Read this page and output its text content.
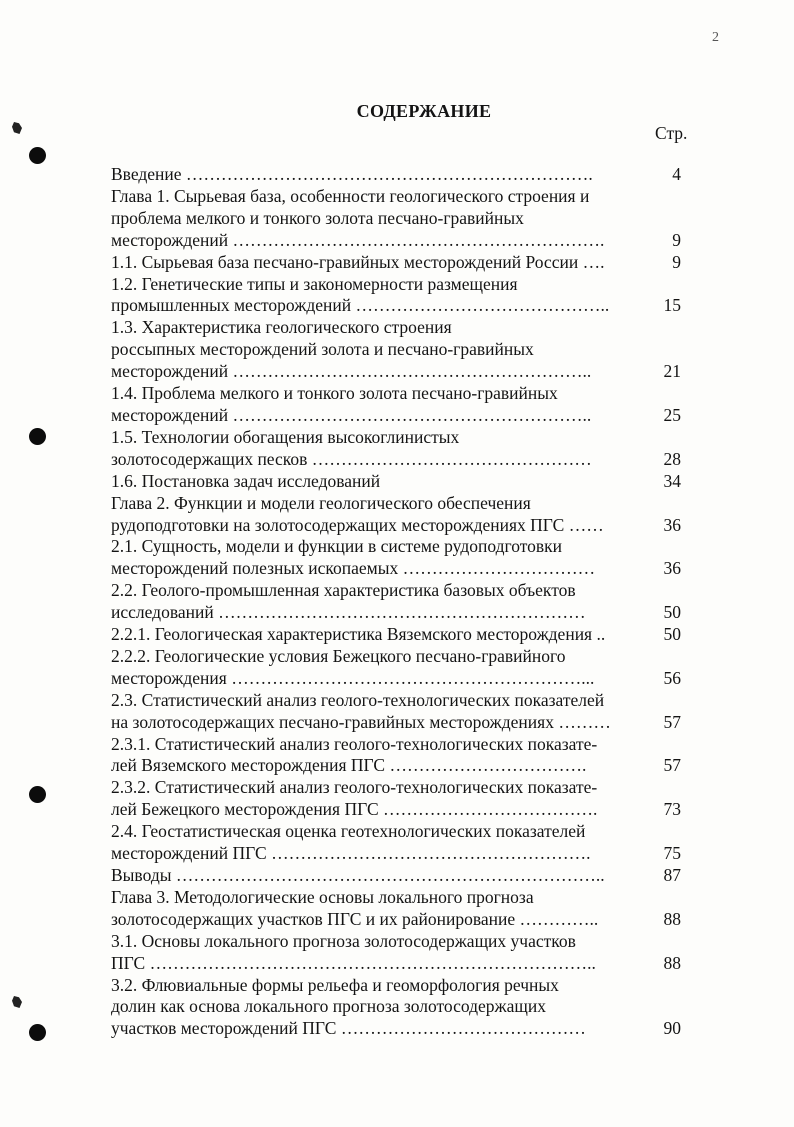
2
СОДЕРЖАНИЕ
Стр.
Введение …………………………………………………………….	4
Глава 1. Сырьевая база, особенности геологического строения и
проблема мелкого и тонкого золота песчано-гравийных
месторождений ……………………………………………………….	9
1.1. Сырьевая база песчано-гравийных месторождений России ….	9
1.2. Генетические типы и закономерности размещения
промышленных месторождений ……………………………………..	15
1.3. Характеристика геологического строения
россыпных месторождений золота и песчано-гравийных
месторождений ……………………………………………………..	21
1.4. Проблема мелкого и тонкого золота песчано-гравийных
месторождений ……………………………………………………..	25
1.5. Технологии обогащения высокоглинистых
золотосодержащих песков …………………………………………	28
1.6. Постановка задач исследований	34
Глава 2. Функции и модели геологического обеспечения
рудоподготовки на золотосодержащих месторождениях ПГС ……	36
2.1. Сущность, модели и функции в системе рудоподготовки
месторождений полезных ископаемых ……………………………	36
2.2. Геолого-промышленная характеристика базовых объектов
исследований ………………………………………………………	50
2.2.1. Геологическая характеристика Вяземского месторождения ..	50
2.2.2. Геологические условия Бежецкого песчано-гравийного
месторождения ……………………………………………………...	56
2.3. Статистический анализ геолого-технологических показателей
на золотосодержащих песчано-гравийных месторождениях ………	57
2.3.1. Статистический анализ геолого-технологических показате-
лей Вяземского месторождения ПГС …………………………….	57
2.3.2. Статистический анализ геолого-технологических показате-
лей Бежецкого месторождения ПГС ……………………………….	73
2.4. Геостатистическая оценка геотехнологических показателей
месторождений ПГС ……………………………………………….	75
Выводы ………………………………………………………………..	87
Глава 3. Методологические основы локального прогноза
золотосодержащих участков ПГС и их районирование …………..	88
3.1. Основы локального прогноза золотосодержащих участков
ПГС …………………………………………………………………..	88
3.2. Флювиальные формы рельефа и геоморфология речных
долин как основа локального прогноза золотосодержащих
участков месторождений ПГС ……………………………………	90
